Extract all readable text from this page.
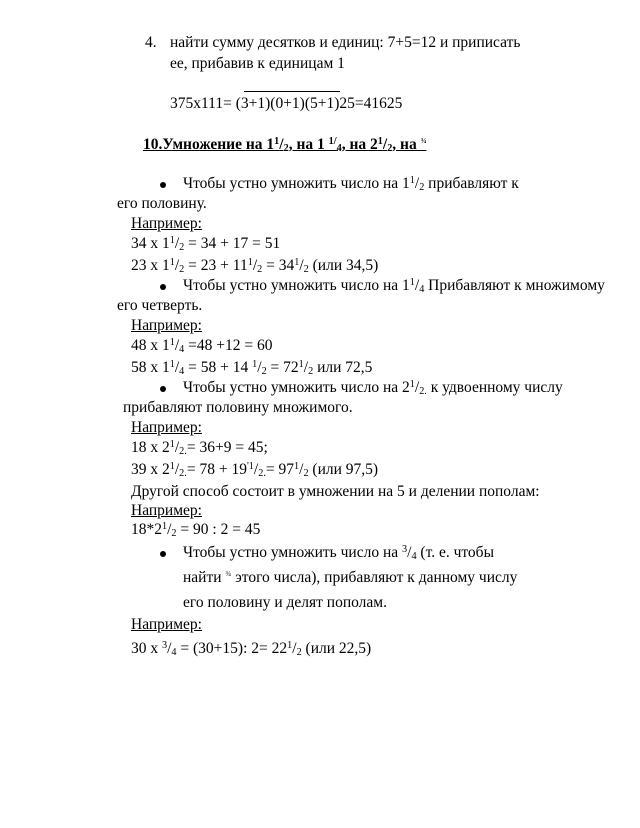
4. найти сумму десятков и единиц: 7+5=12 и приписать
ее, прибавив к единицам 1
375x111= (3+1)(0+1)(5+1)25=41625
10.Умножение на $1^1/2$, на 1 $^{1/}$4, на $2^1/2$, на $^{\frac{3}{4}}$
Чтобы устно умножить число на $1^1/2$ прибавляют к
его половину.
Например:
34 х $1^1/2 = 34 + 17 = 51$
23 х $1^1/2 = 23 + 11^1/2 = 34^1/2$ (или 34,5)
Чтобы устно умножить число на $1^1/4$ Прибавляют к множимому
его четверть.
Например:
48 х $1^1/4 =48 +12 = 60$
58 х $1^1/4 = 58 + 14$ $^1/2 = 72^1/2$ или 72,5
Чтобы устно умножить число на $2^1/2$. к удвоенному числу
прибавляют половину множимого.
Например:
18 х $2^1/2.= 36+9 = 45$;
39 х $2^1/2.= 78 + 19^{'1}/2.= 97^1/2$ (или 97,5)
Другой способ состоит в умножении на 5 и делении пополам:
Например:
$18*2^1/2 = 90$ : 2 = 45
Чтобы устно умножить число на $^3$/4 (т. е. чтобы
найти $^{\frac{3}{4}}$ этого числа), прибавляют к данному числу
его половину и делят пополам.
Например:
30 х $^3$/4 = (30+15): $2= 22^1/2$ (или 22,5)
